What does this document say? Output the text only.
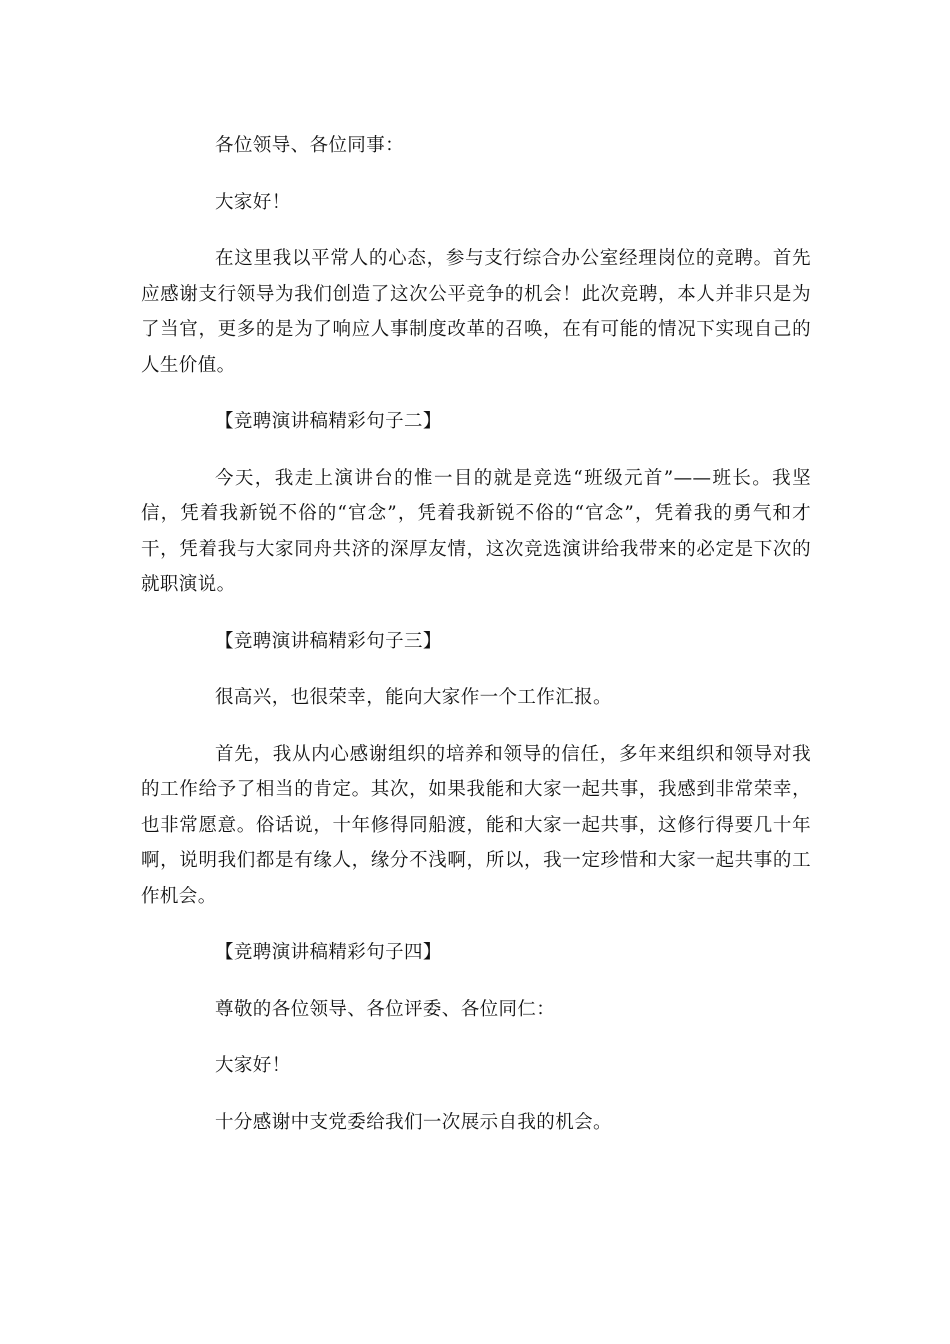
各位领导、各位同事：

大家好！

在这里我以平常人的心态，参与支行综合办公室经理岗位的竞聘。首先应感谢支行领导为我们创造了这次公平竞争的机会！此次竞聘，本人并非只是为了当官，更多的是为了响应人事制度改革的召唤，在有可能的情况下实现自己的人生价值。

【竞聘演讲稿精彩句子二】

今天，我走上演讲台的惟一目的就是竞选“班级元首”——班长。我坚信，凭着我新锐不俗的“官念”，凭着我新锐不俗的“官念”，凭着我的勇气和才干，凭着我与大家同舟共济的深厚友情，这次竞选演讲给我带来的必定是下次的就职演说。

【竞聘演讲稿精彩句子三】

很高兴，也很荣幸，能向大家作一个工作汇报。

首先，我从内心感谢组织的培养和领导的信任，多年来组织和领导对我的工作给予了相当的肯定。其次，如果我能和大家一起共事，我感到非常荣幸，也非常愿意。俗话说，十年修得同船渡，能和大家一起共事，这修行得要几十年啊，说明我们都是有缘人，缘分不浅啊，所以，我一定珍惜和大家一起共事的工作机会。

【竞聘演讲稿精彩句子四】

尊敬的各位领导、各位评委、各位同仁：

大家好！

十分感谢中支党委给我们一次展示自我的机会。
